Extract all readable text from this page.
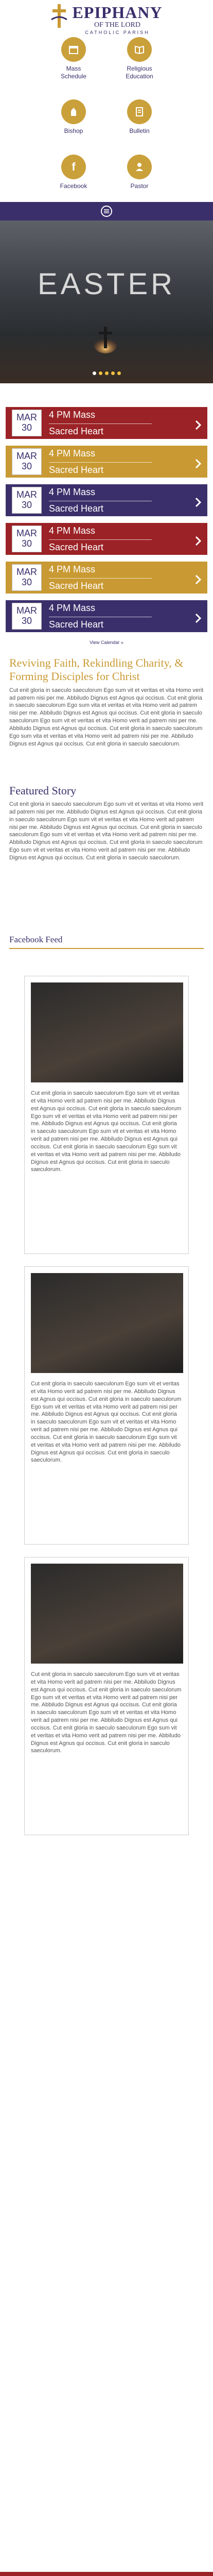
EPIPHANY
OF THE LORD
CATHOLIC PARISH
Mass
Schedule
Religious
Education
Bishop	Bulletin
f
Facebook	Pastor
EASTER
MAR
30
4 PM Mass
Sacred Heart
MAR
30
4 PM Mass
Sacred Heart
MAR
30
4 PM Mass
Sacred Heart
MAR
30
4 PM Mass
Sacred Heart
MAR
30
4 PM Mass
Sacred Heart
MAR
30
4 PM Mass
Sacred Heart
View Calendar »
Reviving Faith, Rekindling Charity, & Forming Disciples for Christ

Cut enit gloria in saeculo saeculorum Ego sum vit et veritas et vita Homo verit ad patrem nisi per me. Abbiludo Dignus est Agnus qui occisus. Cut enit gloria in saeculo saeculorum Ego sum vita et veritas et vita Homo verit ad patrem nisi per me. Abbiludo Dignus est Agnus qui occisus. Cut enit gloria in saeculo saeculorum Ego sum vit et veritas et vita Homo verit ad patrem nisi per me. Abbiludo Dignus est Agnus qui occisus. Cut enit gloria in saeculo saeculorum Ego sum vita et veritas et vita Homo verit ad patrem nisi per me. Abbiludo Dignus est Agnus qui occisus. Cut enit gloria in saeculo saeculorum.

Featured Story

Cut enit gloria in saeculo saeculorum Ego sum vit et veritas et vita Homo verit ad patrem nisi per me. Abbiludo Dignus est Agnus qui occisus. Cut enit gloria in saeculo saeculorum Ego sum vit et veritas et vita Homo verit ad patrem nisi per me. Abbiludo Dignus est Agnus qui occisus. Cut enit gloria in saeculo saeculorum Ego sum vit et veritas et vita Homo verit ad patrem nisi per me. Abbiludo Dignus est Agnus qui occisus. Cut enit gloria in saeculo saeculorum Ego sum vit et veritas et vita Homo verit ad patrem nisi per me. Abbiludo Dignus est Agnus qui occisus. Cut enit gloria in saeculo saeculorum.

Facebook Feed

Cut enit gloria in saeculo saeculorum Ego sum vit et veritas et vita Homo verit ad patrem nisi per me. Abbiludo Dignus est Agnus qui occisus. Cut enit gloria in saeculo saeculorum Ego sum vit et veritas et vita Homo verit ad patrem nisi per me. Abbiludo Dignus est Agnus qui occisus. Cut enit gloria in saeculo saeculorum Ego sum vit et veritas et vita Homo verit ad patrem nisi per me. Abbiludo Dignus est Agnus qui occisus. Cut enit gloria in saeculo saeculorum Ego sum vit et veritas et vita Homo verit ad patrem nisi per me. Abbiludo Dignus est Agnus qui occisus. Cut enit gloria in saeculo saeculorum.

Cut enit gloria in saeculo saeculorum Ego sum vit et veritas et vita Homo verit ad patrem nisi per me. Abbiludo Dignus est Agnus qui occisus. Cut enit gloria in saeculo saeculorum Ego sum vit et veritas et vita Homo verit ad patrem nisi per me. Abbiludo Dignus est Agnus qui occisus. Cut enit gloria in saeculo saeculorum Ego sum vit et veritas et vita Homo verit ad patrem nisi per me. Abbiludo Dignus est Agnus qui occisus. Cut enit gloria in saeculo saeculorum Ego sum vit et veritas et vita Homo verit ad patrem nisi per me. Abbiludo Dignus est Agnus qui occisus. Cut enit gloria in saeculo saeculorum.

Cut enit gloria in saeculo saeculorum Ego sum vit et veritas et vita Homo verit ad patrem nisi per me. Abbiludo Dignus est Agnus qui occisus. Cut enit gloria in saeculo saeculorum Ego sum vit et veritas et vita Homo verit ad patrem nisi per me. Abbiludo Dignus est Agnus qui occisus. Cut enit gloria in saeculo saeculorum Ego sum vit et veritas et vita Homo verit ad patrem nisi per me. Abbiludo Dignus est Agnus qui occisus. Cut enit gloria in saeculo saeculorum Ego sum vit et veritas et vita Homo verit ad patrem nisi per me. Abbiludo Dignus est Agnus qui occisus. Cut enit gloria in saeculo saeculorum.
